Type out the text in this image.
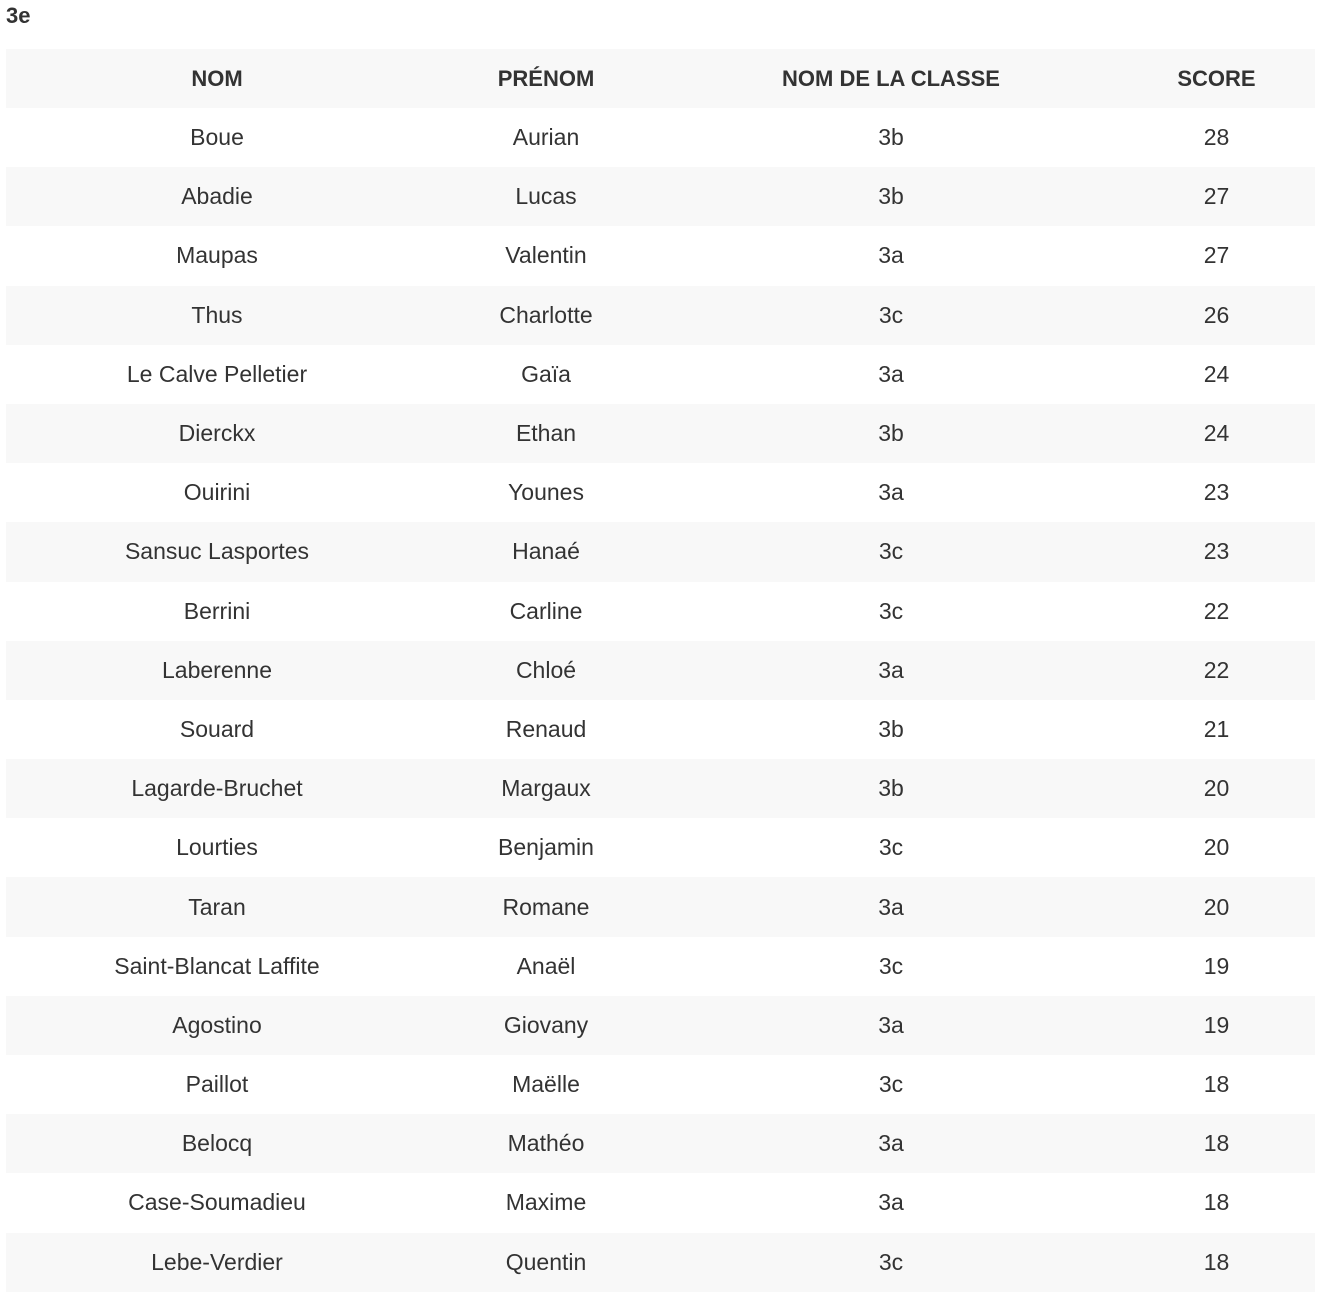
3e
NOM	PRÉNOM	NOM DE LA CLASSE	SCORE
Boue	Aurian	3b	28
Abadie	Lucas	3b	27
Maupas	Valentin	3a	27
Thus	Charlotte	3c	26
Le Calve Pelletier	Gaïa	3a	24
Dierckx	Ethan	3b	24
Ouirini	Younes	3a	23
Sansuc Lasportes	Hanaé	3c	23
Berrini	Carline	3c	22
Laberenne	Chloé	3a	22
Souard	Renaud	3b	21
Lagarde-Bruchet	Margaux	3b	20
Lourties	Benjamin	3c	20
Taran	Romane	3a	20
Saint-Blancat Laffite	Anaël	3c	19
Agostino	Giovany	3a	19
Paillot	Maëlle	3c	18
Belocq	Mathéo	3a	18
Case-Soumadieu	Maxime	3a	18
Lebe-Verdier	Quentin	3c	18
